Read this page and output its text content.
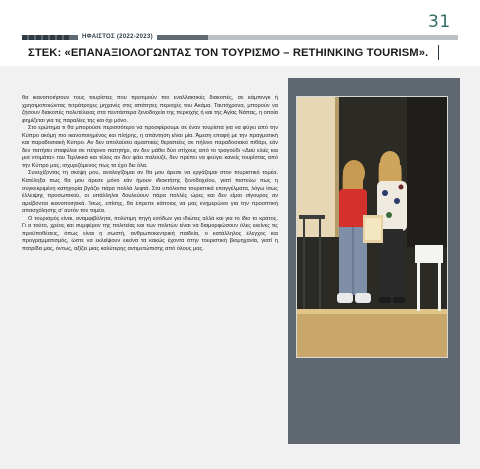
31
ΗΦΑΙΣΤΟΣ (2022-2023)
ΣΤΕΚ: «ΕΠΑΝΑΞΙΟΛΟΓΩΝΤΑΣ ΤΟΝ ΤΟΥΡΙΣΜΟ – RETHINKING TOURISM».

θα ικανοποιήσουν τους τουρίστες που προτιμούν πιο εναλλακτικές διακοπές, σε κάμπινγκ ή χρησιμοποιώντας τετράτροχες μηχανές στις απάτητες περιοχές του Ακάμα. Ταυτόχρονα, μπορούν να ζήσουν διακοπές πολυτέλειας στα πεντάστερα ξενοδοχεία της περιοχής ή και της Αγίας Νάπας, η οποία φημίζεται για τις παραλίες της και όχι μόνο.

Στο ερώτημα τι θα μπορούσε περισσότερο να προσφέρουμε σε έναν τουρίστα για να φύγει από την Κύπρο ακόμη πιο ικανοποιημένος και πλήρης, η απάντηση είναι μία. Άμεση επαφή με την πραγματική και παραδοσιακή Κύπρο. Αν δεν απολαύσει αμαστικές θεραπείες σε πήλινο παραδοσιακό πιθάρι, εάν δεν πατήσει σταφύλια σε πέτρινο πατητήρι, αν δεν μάθει δύο στίχους από το τραγούδι «Δαύ ελιές και μια ντομάτα» του Τερλικκά και τέλος αν δεν φάει παλουζέ, δεν πρέπει να φεύγει κανείς τουρίστας από την Κύπρο μας, ισχυριζόμενος πως τα έχει δει όλα.

Συνεχίζοντας τη σκέψη μου, αναλογίζομαι αν θα μου άρεσε να εργάζομαι στον τουριστικό τομέα. Κατέληξα πως θα μου άρεσε μόνο εάν ήμουν ιδιοκτήτης ξενοδοχείου, γιατί πιστεύω πως η συγκεκριμένη κατηγορία βγάζει πάρα πολλά λεφτά. Στα υπόλοιπα τουριστικά επαγγέλματα, λόγω ίσως έλλειψης προσωπικού, οι υπάλληλοι δουλεύουν πάρα πολλές ώρες και δεν είμαι σίγουρος αν αμείβονται ικανοποιητικά. Ίσως, επίσης, θα έπρεπε κάποιος να μας ενημερώνει για την προοπτική απασχόλησης σ' αυτόν τον τομέα.

Ο τουρισμός είναι, αναμφιβόλητα, πολύτιμη πηγή εσόδων για ιδιώτες αλλά και για το ίδιο το κράτος. Γι α τούτο, χρέος και συμφέρον της πολιτείας και των πολιτών είναι να διαμορφώσουν όλες εκείνες τις προϋποθέσεις, όπως είναι η σωστή, ανθρωποκεντρική παιδεία, ο κατάλληλος έλεγχος και προγραμματισμός, ώστε να εκλείψουν εκείνα τα κακώς έχοντα στην τουριστική βιομηχανία, γιατί η πατρίδα μας, όντως, αξίζει μιας καλύτερης αντιμετώπισης από όλους μας.
